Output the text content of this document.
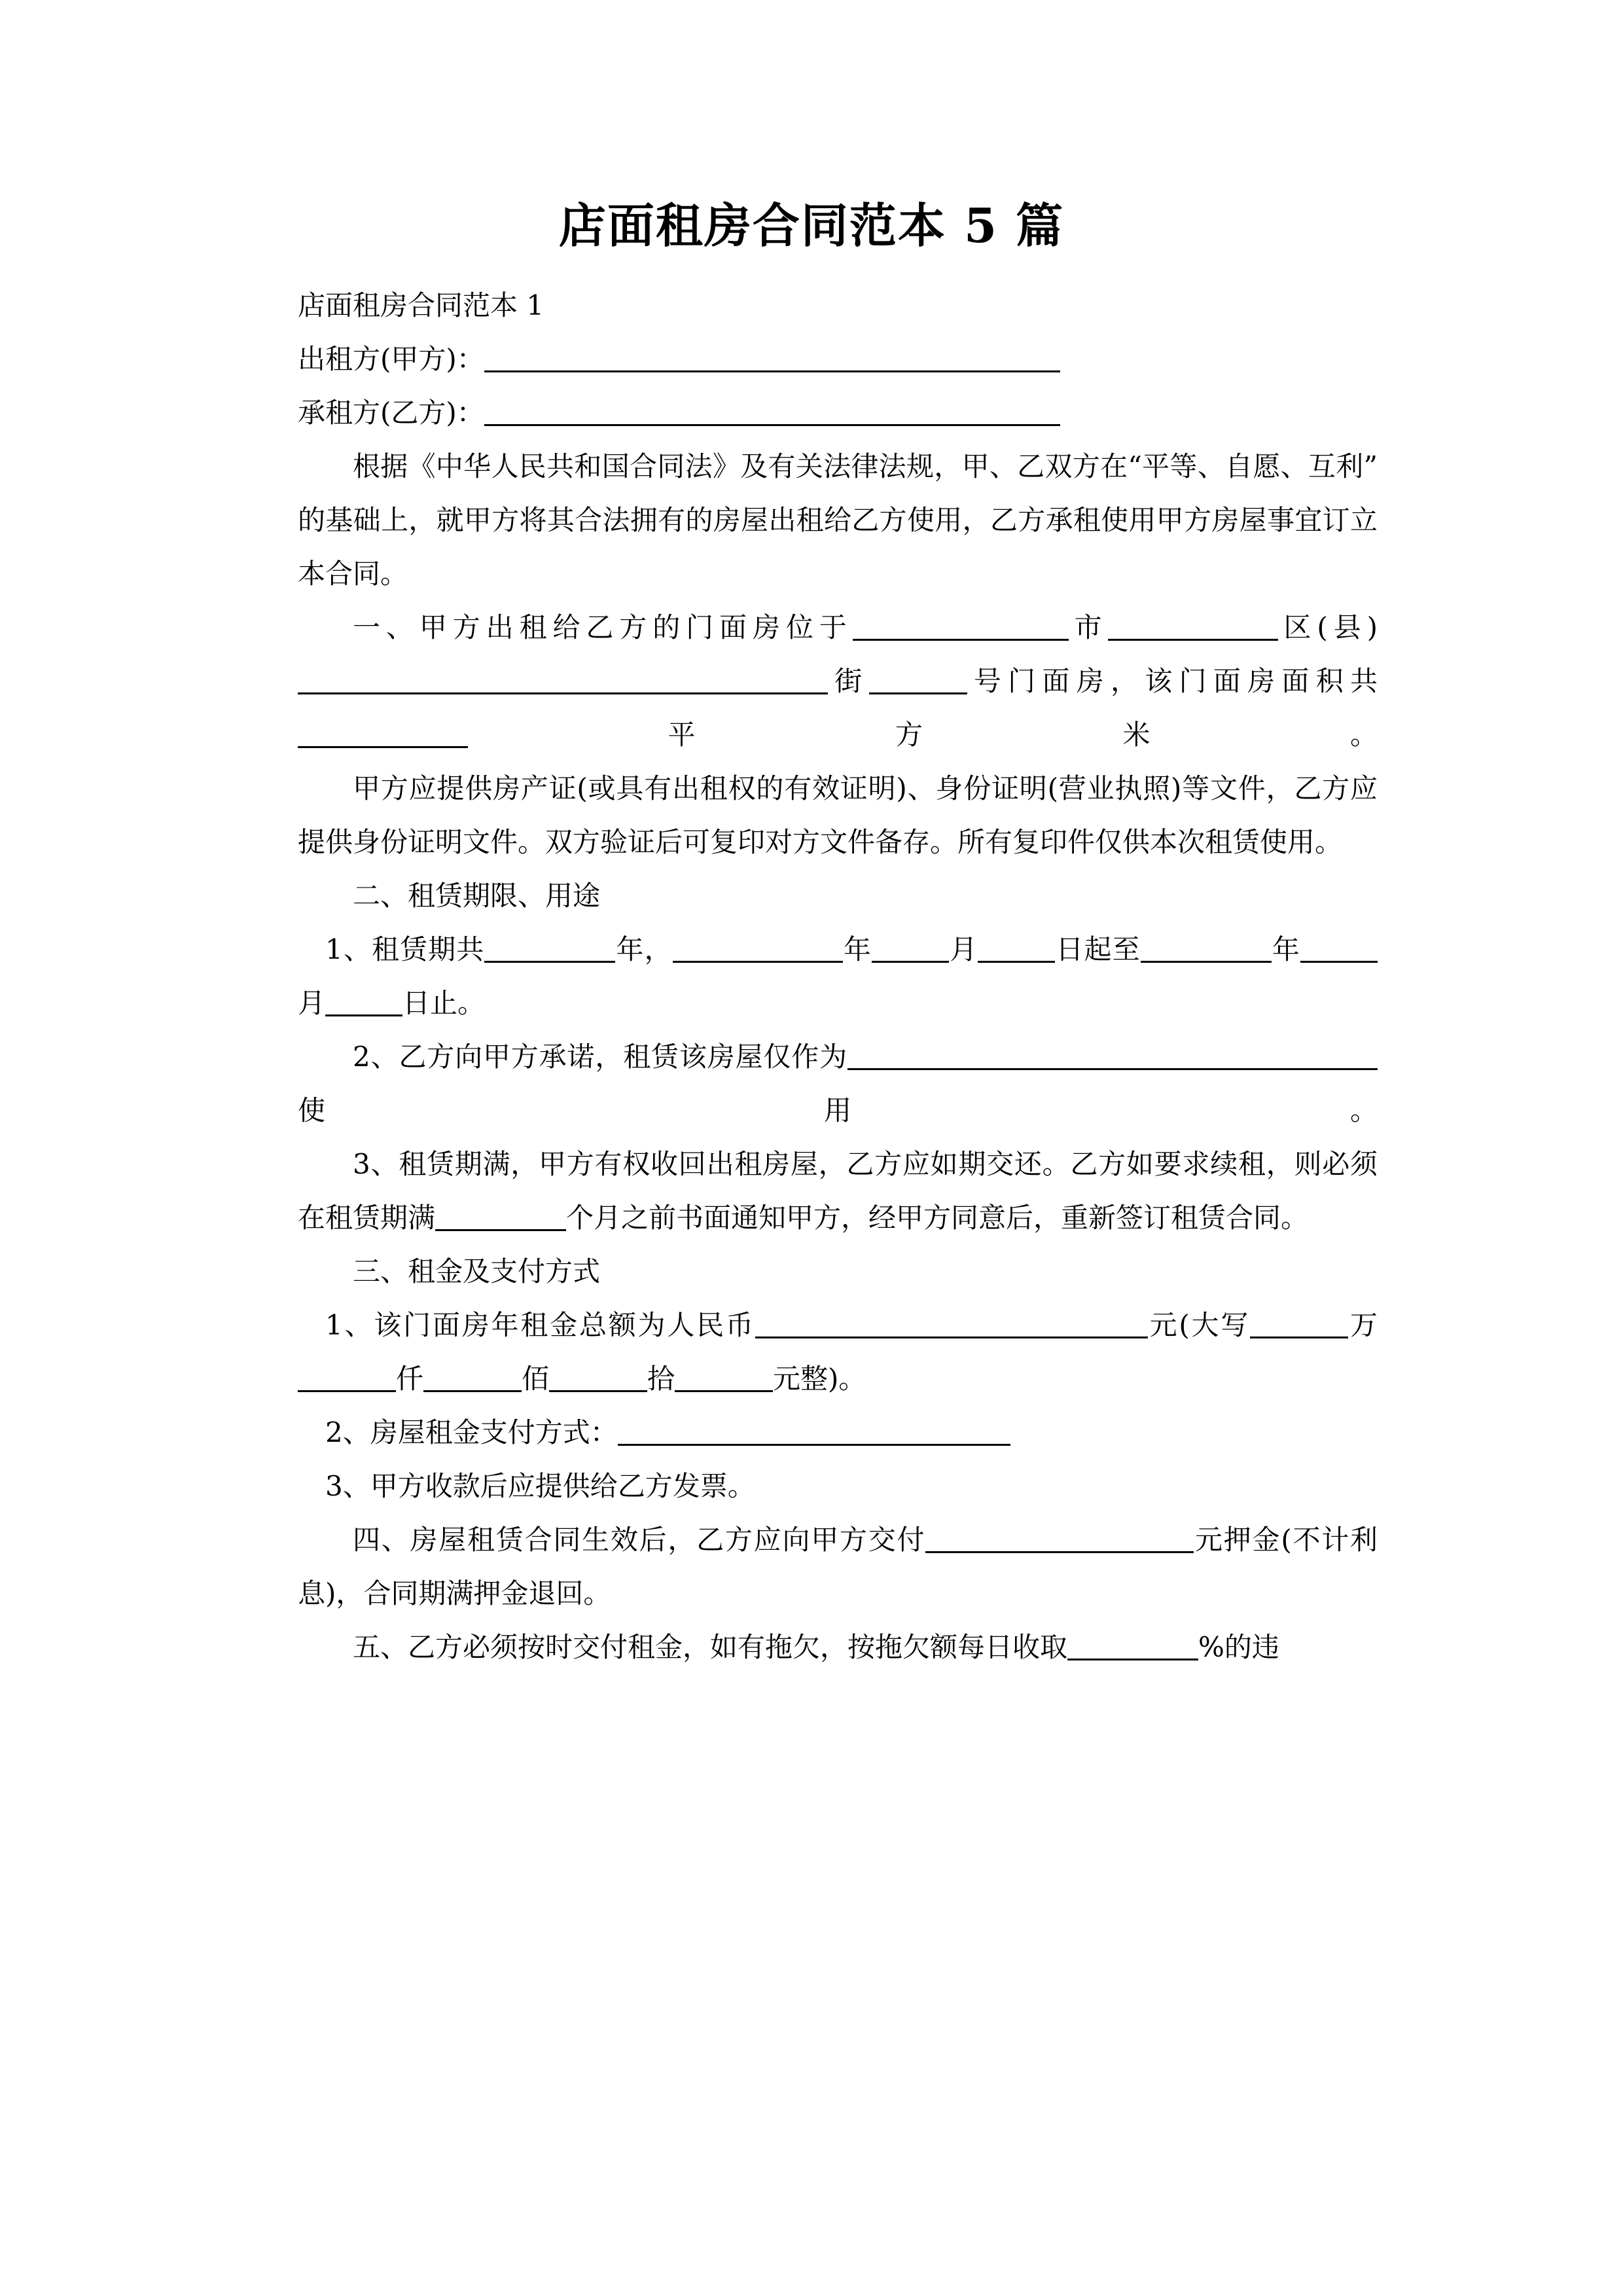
店面租房合同范本 5 篇

店面租房合同范本 1

出租方(甲方)：

承租方(乙方)：

根据《中华人民共和国合同法》及有关法律法规，甲、乙双方在“平等、自愿、互利”的基础上，就甲方将其合法拥有的房屋出租给乙方使用，乙方承租使用甲方房屋事宜订立本合同。

一、甲方出租给乙方的门面房位于	市	区(县)街	号门面房，该门面房面积共平方米。

甲方应提供房产证(或具有出租权的有效证明)、身份证明(营业执照)等文件，乙方应提供身份证明文件。双方验证后可复印对方文件备存。所有复印件仅供本次租赁使用。

二、租赁期限、用途

1、租赁期共	年，	年	月	日起至	年月	日止。

2、乙方向甲方承诺，租赁该房屋仅作为使用。

3、租赁期满，甲方有权收回出租房屋，乙方应如期交还。乙方如要求续租，则必须在租赁期满	个月之前书面通知甲方，经甲方同意后，重新签订租赁合同。

三、租金及支付方式

1、该门面房年租金总额为人民币	元(大写	万仟	佰	拾	元整)。

2、房屋租金支付方式：

3、甲方收款后应提供给乙方发票。

四、房屋租赁合同生效后，乙方应向甲方交付	元押金(不计利息)，合同期满押金退回。

五、乙方必须按时交付租金，如有拖欠，按拖欠额每日收取	%的违
